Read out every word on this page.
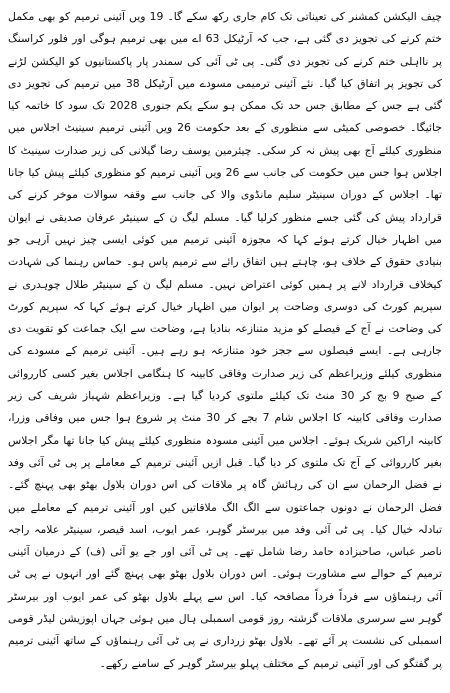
چیف الیکشن کمشنر کی تعیناتی تک کام جاری رکھ سکے گا۔ 19 ویں آئینی ترمیم کو بھی مکمل ختم کرنے کی تجویز دی گئی ہے، جب کہ آرٹیکل 63 اے میں بھی ترمیم ہوگی اور فلور کراسنگ پر نااہلی ختم کرنے کی تجویز دی گئی۔ پی ٹی آئی کی سمندر پار پاکستانیوں کو الیکشن لڑنے کی تجویز پر اتفاق کیا گیا۔ نئے آئینی ترمیمی مسودے میں آرٹیکل 38 میں ترمیم کی تجویز دی گئی ہے جس کے مطابق جس حد تک ممکن ہو سکے یکم جنوری 2028 تک سود کا خاتمہ کیا جائیگا۔ خصوصی کمیٹی سے منظوری کے بعد حکومت 26 ویں آئینی ترمیم سینیٹ اجلاس میں منظوری کیلئے آج بھی پیش نہ کر سکی۔ چیئرمین یوسف رضا گیلانی کی زیر صدارت سینیٹ کا اجلاس ہوا جس میں حکومت کی جانب سے 26 ویں آئینی ترمیم کو منظوری کیلئے پیش کیا جانا تھا۔ اجلاس کے دوران سینیٹر سلیم مانڈوی والا کی جانب سے وقفہ سوالات موخر کرنے کی قرارداد پیش کی گئی جسے منظور کرلیا گیا۔ مسلم لیگ ن کے سینیٹر عرفان صدیقی نے ایوان میں اظہار خیال کرتے ہوئے کہا کہ مجوزہ آئینی ترمیم میں کوئی ایسی چیز نہیں آرہی جو بنیادی حقوق کے خلاف ہو، چاہتے ہیں اتفاق رائے سے ترمیم پاس ہو۔ حماس رہنما کی شہادت کیخلاف قرارداد لانے پر ہمیں کوئی اعتراض نہیں۔ مسلم لیگ ن کے سینیٹر طلال چوہدری نے سپریم کورٹ کی دوسری وضاحت پر ایوان میں اظہار خیال کرتے ہوئے کہا کہ سپریم کورٹ کی وضاحت نے آج کے فیصلے کو مزید متنازعہ بنادیا ہے، وضاحت سے ایک جماعت کو تقویت دی جارہی ہے۔ ایسے فیصلوں سے ججز خود متنازعہ ہو رہے ہیں۔ آئینی ترمیم کے مسودے کی منظوری کیلئے وزیراعظم کی زیر صدارت وفاقی کابینہ کا ہنگامی اجلاس بغیر کسی کارروائی کے صبح 9 بج کر 30 منٹ تک کیلئے ملتوی کردیا گیا ہے۔ وزیراعظم شہباز شریف کی زیر صدارت وفاقی کابینہ کا اجلاس شام 7 بجے کر 30 منٹ پر شروع ہوا جس میں وفاقی وزرا، کابینہ اراکین شریک ہوئے۔ اجلاس میں آئینی مسودہ منظوری کیلئے پیش کیا جانا تھا مگر اجلاس بغیر کارروائی کے آج تک ملتوی کر دیا گیا۔ قبل ازیں آئینی ترمیم کے معاملے پر پی ٹی آئی وفد نے فضل الرحمان سے ان کی رہائش گاہ پر ملاقات کی اس دوران بلاول بھٹو بھی پہنچ گئے۔ فضل الرحمان نے دونوں جماعتوں سے الگ الگ ملاقاتیں کیں اور آئینی ترمیم کے معاملے میں تبادلہ خیال کیا۔ پی ٹی آئی وفد میں بیرسٹر گوہر، عمر ایوب، اسد قیصر، سینیٹر علامہ راجہ ناصر عباس، صاحبزادہ حامد رضا شامل تھے۔ پی ٹی آئی اور جے یو آئی (ف) کے درمیان آئینی ترمیم کے حوالے سے مشاورت ہوئی۔ اس دوران بلاول بھٹو بھی پہنچ گئے اور انہوں نے پی ٹی آئی رہنماؤں سے فرداً فرداً مصافحہ کیا۔ اس سے پہلے بلاول بھٹو کی عمر ایوب اور بیرسٹر گوہر سے سرسری ملاقات گزشتہ روز قومی اسمبلی ہال میں ہوئی جہاں اپوزیشن لیڈر قومی اسمبلی کی نشست پر آئے تھے۔ بلاول بھٹو زرداری نے پی ٹی آئی رہنماؤں کے ساتھ آئینی ترمیم پر گفتگو کی اور آئینی ترمیم کے مختلف پہلو بیرسٹر گوہر کے سامنے رکھے۔
